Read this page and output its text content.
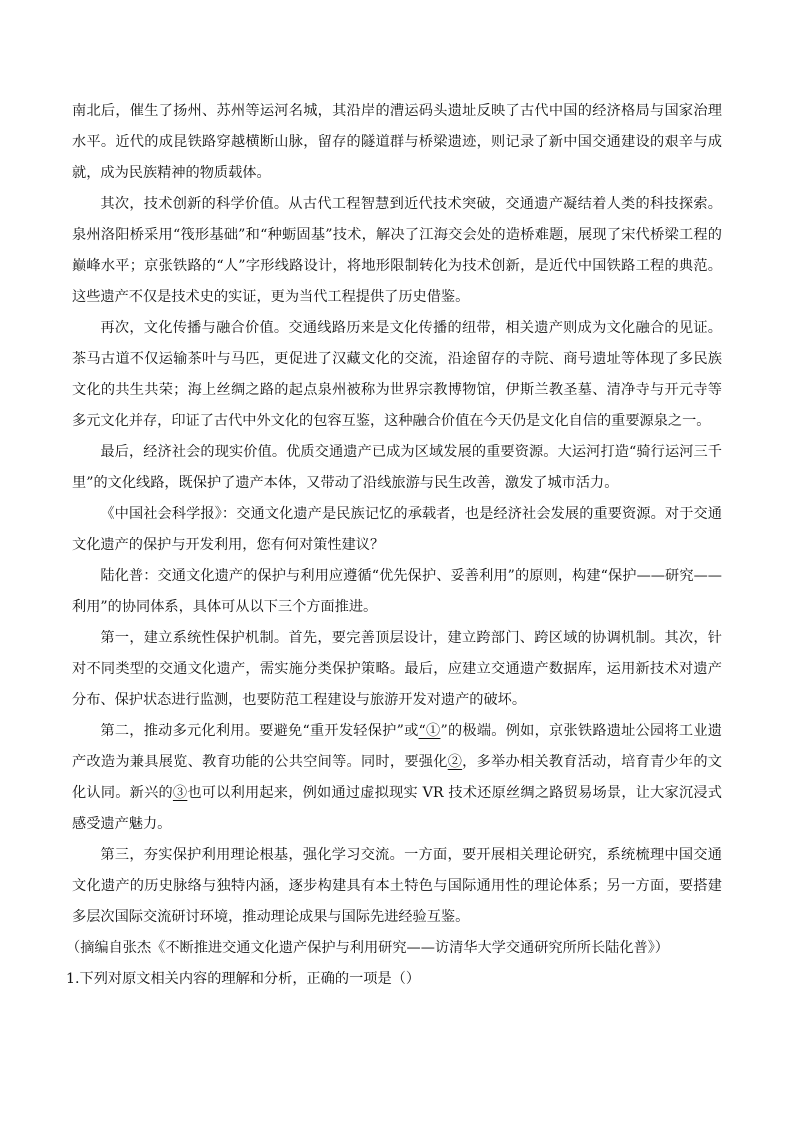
南北后，催生了扬州、苏州等运河名城，其沿岸的漕运码头遗址反映了古代中国的经济格局与国家治理水平。近代的成昆铁路穿越横断山脉，留存的隧道群与桥梁遗迹，则记录了新中国交通建设的艰辛与成就，成为民族精神的物质载体。

其次，技术创新的科学价值。从古代工程智慧到近代技术突破，交通遗产凝结着人类的科技探索。泉州洛阳桥采用“筏形基础”和“种蛎固基”技术，解决了江海交会处的造桥难题，展现了宋代桥梁工程的巅峰水平；京张铁路的“人”字形线路设计，将地形限制转化为技术创新，是近代中国铁路工程的典范。这些遗产不仅是技术史的实证，更为当代工程提供了历史借鉴。

再次，文化传播与融合价值。交通线路历来是文化传播的纽带，相关遗产则成为文化融合的见证。茶马古道不仅运输茶叶与马匹，更促进了汉藏文化的交流，沿途留存的寺院、商号遗址等体现了多民族文化的共生共荣；海上丝绸之路的起点泉州被称为世界宗教博物馆，伊斯兰教圣墓、清净寺与开元寺等多元文化并存，印证了古代中外文化的包容互鉴，这种融合价值在今天仍是文化自信的重要源泉之一。

最后，经济社会的现实价值。优质交通遗产已成为区域发展的重要资源。大运河打造“骑行运河三千里”的文化线路，既保护了遗产本体，又带动了沿线旅游与民生改善，激发了城市活力。

《中国社会科学报》：交通文化遗产是民族记忆的承载者，也是经济社会发展的重要资源。对于交通文化遗产的保护与开发利用，您有何对策性建议？

陆化普：交通文化遗产的保护与利用应遵循“优先保护、妥善利用”的原则，构建“保护——研究——利用”的协同体系，具体可从以下三个方面推进。

第一，建立系统性保护机制。首先，要完善顶层设计，建立跨部门、跨区域的协调机制。其次，针对不同类型的交通文化遗产，需实施分类保护策略。最后，应建立交通遗产数据库，运用新技术对遗产分布、保护状态进行监测，也要防范工程建设与旅游开发对遗产的破坏。

第二，推动多元化利用。要避免“重开发轻保护”或“①”的极端。例如，京张铁路遗址公园将工业遗产改造为兼具展览、教育功能的公共空间等。同时，要强化②，多举办相关教育活动，培育青少年的文化认同。新兴的③也可以利用起来，例如通过虚拟现实 VR 技术还原丝绸之路贸易场景，让大家沉浸式感受遗产魅力。

第三，夯实保护利用理论根基，强化学习交流。一方面，要开展相关理论研究，系统梳理中国交通文化遗产的历史脉络与独特内涵，逐步构建具有本土特色与国际通用性的理论体系；另一方面，要搭建多层次国际交流研讨环境，推动理论成果与国际先进经验互鉴。

（摘编自张杰《不断推进交通文化遗产保护与利用研究——访清华大学交通研究所所长陆化普》）

1.下列对原文相关内容的理解和分析，正确的一项是（）
